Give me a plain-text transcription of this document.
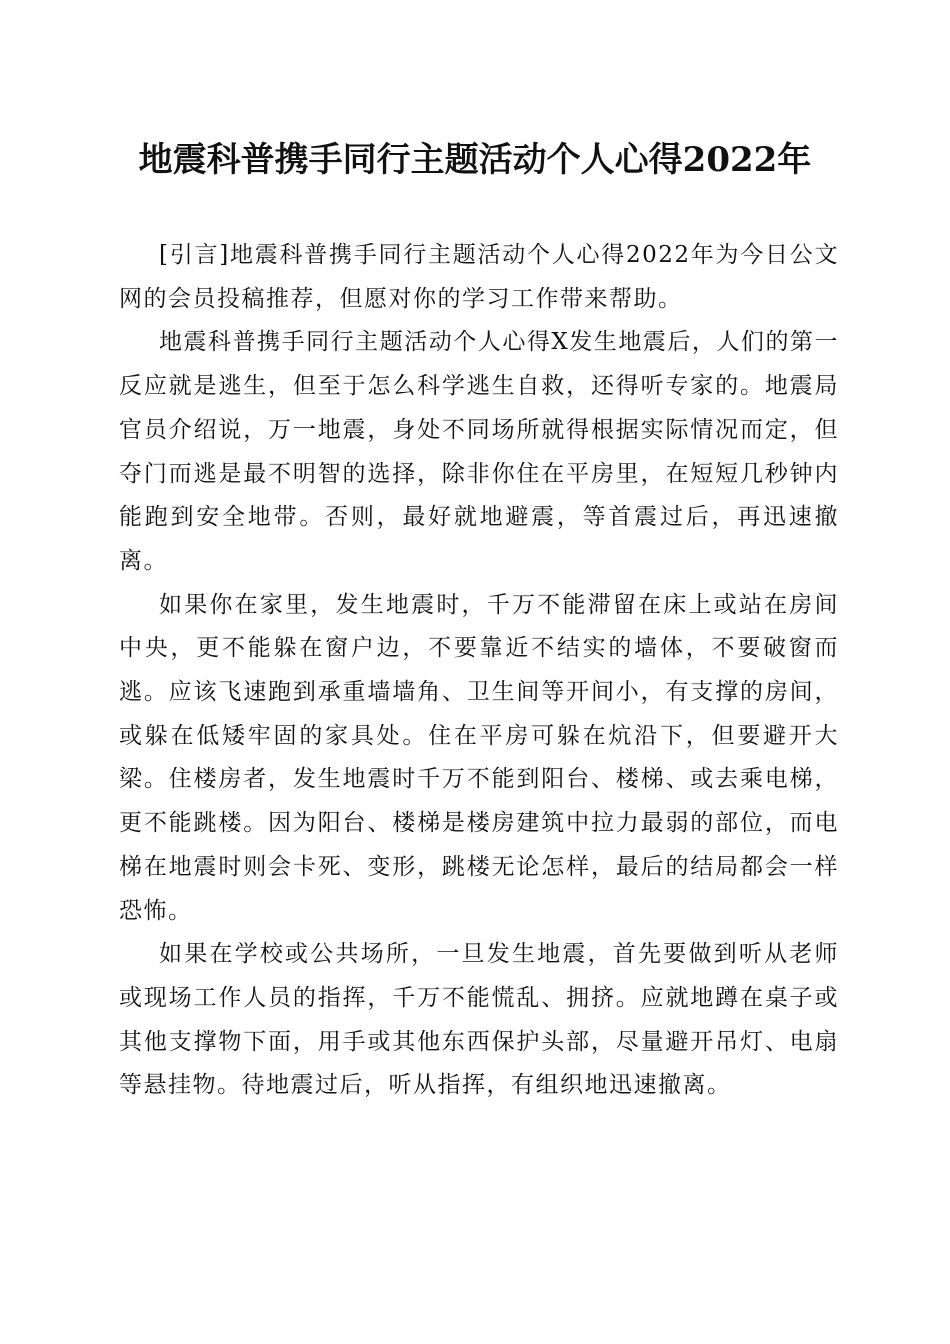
地震科普携手同行主题活动个人心得2022年

[引言]地震科普携手同行主题活动个人心得2022年为今日公文网的会员投稿推荐，但愿对你的学习工作带来帮助。

地震科普携手同行主题活动个人心得X发生地震后，人们的第一反应就是逃生，但至于怎么科学逃生自救，还得听专家的。地震局官员介绍说，万一地震，身处不同场所就得根据实际情况而定，但夺门而逃是最不明智的选择，除非你住在平房里，在短短几秒钟内能跑到安全地带。否则，最好就地避震，等首震过后，再迅速撤离。

如果你在家里，发生地震时，千万不能滞留在床上或站在房间中央，更不能躲在窗户边，不要靠近不结实的墙体，不要破窗而逃。应该飞速跑到承重墙墙角、卫生间等开间小，有支撑的房间，或躲在低矮牢固的家具处。住在平房可躲在炕沿下，但要避开大梁。住楼房者，发生地震时千万不能到阳台、楼梯、或去乘电梯，更不能跳楼。因为阳台、楼梯是楼房建筑中拉力最弱的部位，而电梯在地震时则会卡死、变形，跳楼无论怎样，最后的结局都会一样恐怖。

如果在学校或公共场所，一旦发生地震，首先要做到听从老师或现场工作人员的指挥，千万不能慌乱、拥挤。应就地蹲在桌子或其他支撑物下面，用手或其他东西保护头部，尽量避开吊灯、电扇等悬挂物。待地震过后，听从指挥，有组织地迅速撤离。
